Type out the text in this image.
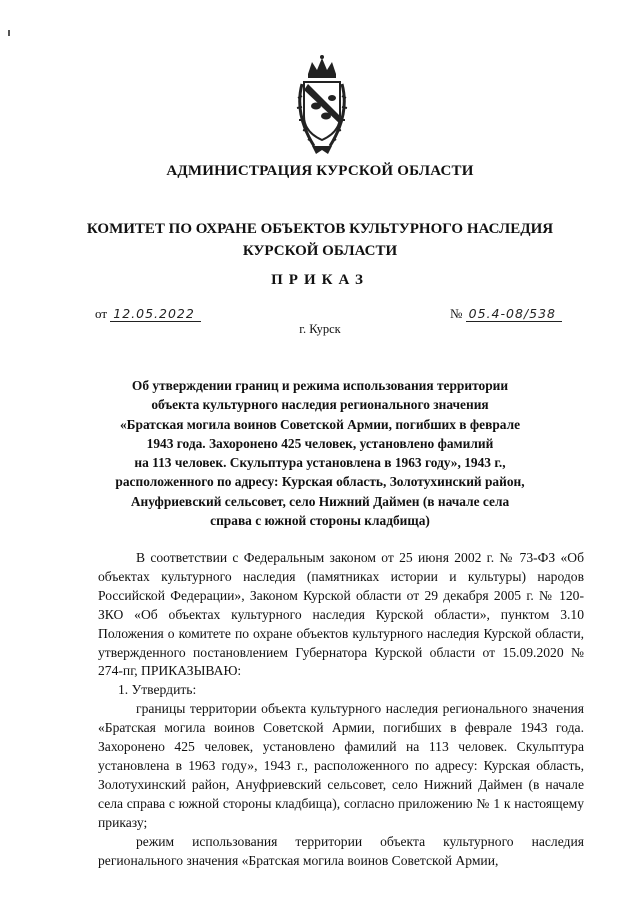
АДМИНИСТРАЦИЯ КУРСКОЙ ОБЛАСТИ
КОМИТЕТ ПО ОХРАНЕ ОБЪЕКТОВ КУЛЬТУРНОГО НАСЛЕДИЯ
КУРСКОЙ ОБЛАСТИ
ПРИКАЗ
от 12.05.2022	№ 05.4-08/538
г. Курск
Об утверждении границ и режима использования территории
объекта культурного наследия регионального значения
«Братская могила воинов Советской Армии, погибших в феврале
1943 года. Захоронено 425 человек, установлено фамилий
на 113 человек. Скульптура установлена в 1963 году», 1943 г.,
расположенного по адресу: Курская область, Золотухинский район,
Ануфриевский сельсовет, село Нижний Даймен (в начале села
справа с южной стороны кладбища)

В соответствии с Федеральным законом от 25 июня 2002 г. № 73-ФЗ «Об объектах культурного наследия (памятниках истории и культуры) народов Российской Федерации», Законом Курской области от 29 декабря 2005 г. № 120-ЗКО «Об объектах культурного наследия Курской области», пунктом 3.10 Положения о комитете по охране объектов культурного наследия Курской области, утвержденного постановлением Губернатора Курской области от 15.09.2020 № 274-пг, ПРИКАЗЫВАЮ:

1. Утвердить:

границы территории объекта культурного наследия регионального значения «Братская могила воинов Советской Армии, погибших в феврале 1943 года. Захоронено 425 человек, установлено фамилий на 113 человек. Скульптура установлена в 1963 году», 1943 г., расположенного по адресу: Курская область, Золотухинский район, Ануфриевский сельсовет, село Нижний Даймен (в начале села справа с южной стороны кладбища), согласно приложению № 1 к настоящему приказу;

режим использования территории объекта культурного наследия регионального значения «Братская могила воинов Советской Армии,
